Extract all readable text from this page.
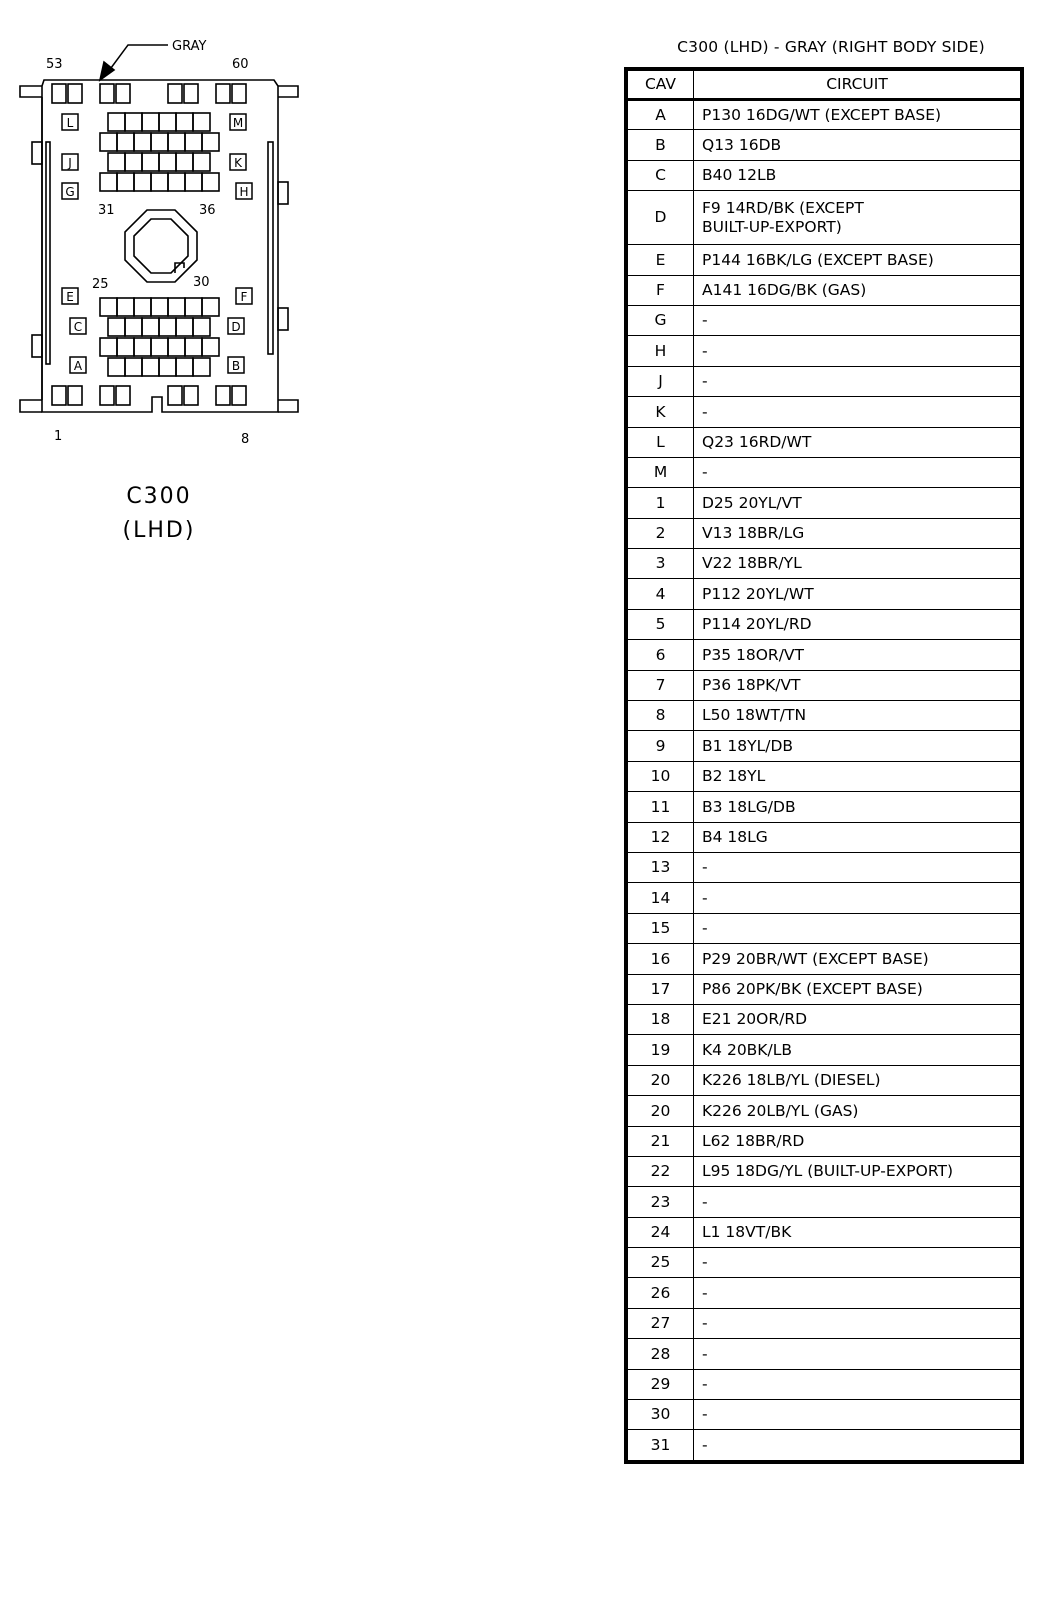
L	M
J	K
G	H
E	F
C	D
A	B
53	60
1	8
31	36
25	30
GRAY
C300
(LHD)
C300 (LHD) - GRAY (RIGHT BODY SIDE)
CAV	CIRCUIT
A	P130 16DG/WT (EXCEPT BASE)
B	Q13 16DB
C	B40 12LB
D	F9 14RD/BK (EXCEPT
BUILT-UP-EXPORT)

E	P144 16BK/LG (EXCEPT BASE)
F	A141 16DG/BK (GAS)
G	-
H	-
J	-
K	-
L	Q23 16RD/WT
M	-
1	D25 20YL/VT
2	V13 18BR/LG
3	V22 18BR/YL
4	P112 20YL/WT
5	P114 20YL/RD
6	P35 18OR/VT
7	P36 18PK/VT
8	L50 18WT/TN
9	B1 18YL/DB
10	B2 18YL
11	B3 18LG/DB
12	B4 18LG
13	-
14	-
15	-
16	P29 20BR/WT (EXCEPT BASE)
17	P86 20PK/BK (EXCEPT BASE)
18	E21 20OR/RD
19	K4 20BK/LB
20	K226 18LB/YL (DIESEL)
20	K226 20LB/YL (GAS)
21	L62 18BR/RD
22	L95 18DG/YL (BUILT-UP-EXPORT)
23	-
24	L1 18VT/BK
25	-
26	-
27	-
28	-
29	-
30	-
31	-
